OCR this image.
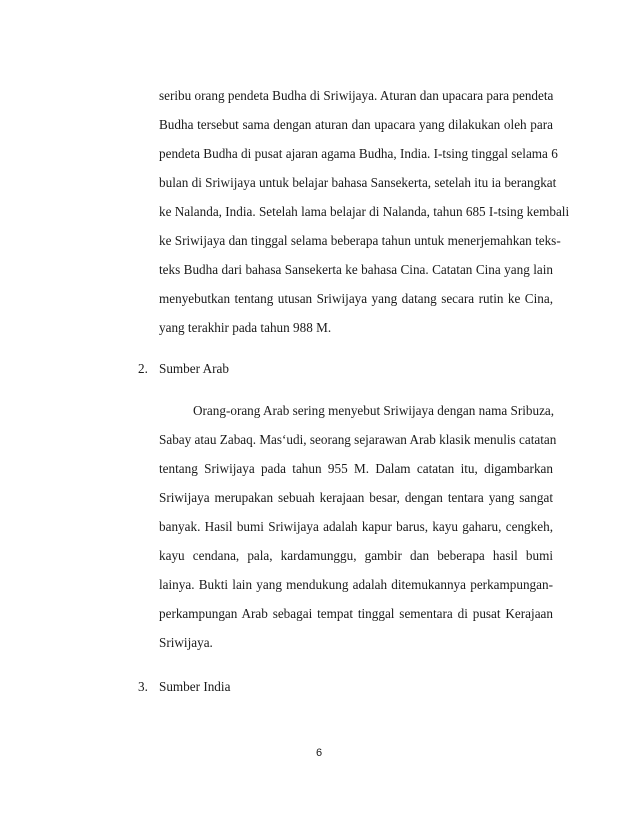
seribu orang pendeta Budha di Sriwijaya. Aturan dan upacara para pendeta
Budha tersebut sama dengan aturan dan upacara yang dilakukan oleh para
pendeta Budha di pusat ajaran agama Budha, India. I-tsing tinggal selama 6
bulan di Sriwijaya untuk belajar bahasa Sansekerta, setelah itu ia berangkat
ke Nalanda, India. Setelah lama belajar di Nalanda, tahun 685 I-tsing kembali
ke Sriwijaya dan tinggal selama beberapa tahun untuk menerjemahkan teks-
teks Budha dari bahasa Sansekerta ke bahasa Cina. Catatan Cina yang lain
menyebutkan tentang utusan Sriwijaya yang datang secara rutin ke Cina,
yang terakhir pada tahun 988 M.
2. Sumber Arab
Orang-orang Arab sering menyebut Sriwijaya dengan nama Sribuza,
Sabay atau Zabaq. Mas‘udi, seorang sejarawan Arab klasik menulis catatan
tentang Sriwijaya pada tahun 955 M. Dalam catatan itu, digambarkan
Sriwijaya merupakan sebuah kerajaan besar, dengan tentara yang sangat
banyak. Hasil bumi Sriwijaya adalah kapur barus, kayu gaharu, cengkeh,
kayu cendana, pala, kardamunggu, gambir dan beberapa hasil bumi
lainya. Bukti lain yang mendukung adalah ditemukannya perkampungan-
perkampungan Arab sebagai tempat tinggal sementara di pusat Kerajaan
Sriwijaya.
3. Sumber India
6
